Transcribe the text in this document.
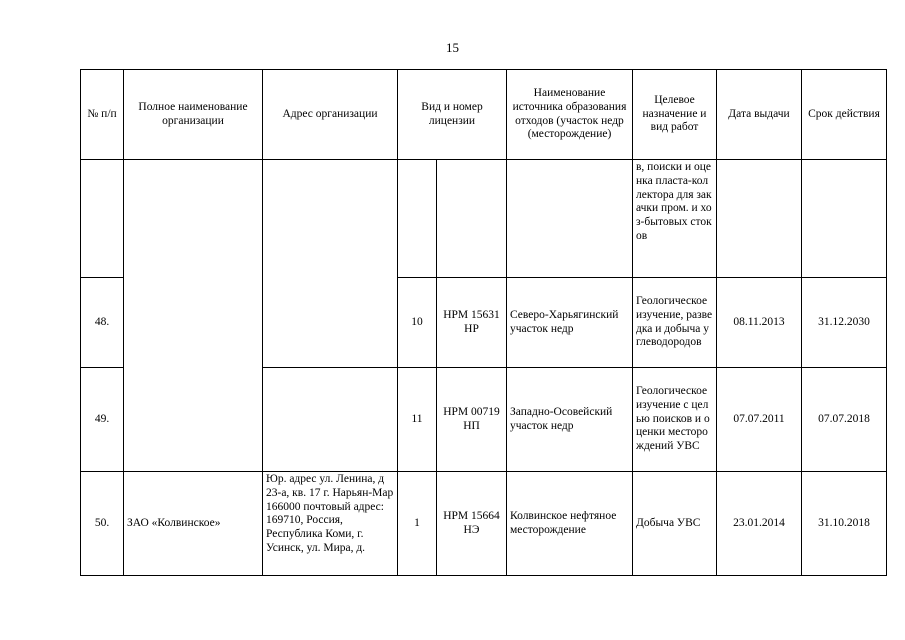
15
№ п/п	Полное наименование организации	Адрес организации	Вид и номер лицензии		Наименование источника образования отходов (участок недр (месторождение)	Целевое назначение и вид работ	Дата выдачи	Срок действия
						в, поиски и оценка пласта-коллектора для закачки пром. и хоз-бытовых стоков		
48.			10	НРМ 15631 НР	Северо-Харьягинский участок недр	Геологическое изучение, разведка и добыча углеводородов	08.11.2013	31.12.2030
49.			11	НРМ 00719 НП	Западно-Осовейский участок недр	Геологическое изучение с целью поисков и оценки месторождений УВС	07.07.2011	07.07.2018
50.	ЗАО «Колвинское»	Юр. адрес ул. Ленина, д 23-а, кв. 17 г. Нарьян-Мар 166000 почтовый адрес: 169710, Россия, Республика Коми, г. Усинск, ул. Мира, д.	1	НРМ 15664 НЭ	Колвинское нефтяное месторождение	Добыча УВС	23.01.2014	31.10.2018
